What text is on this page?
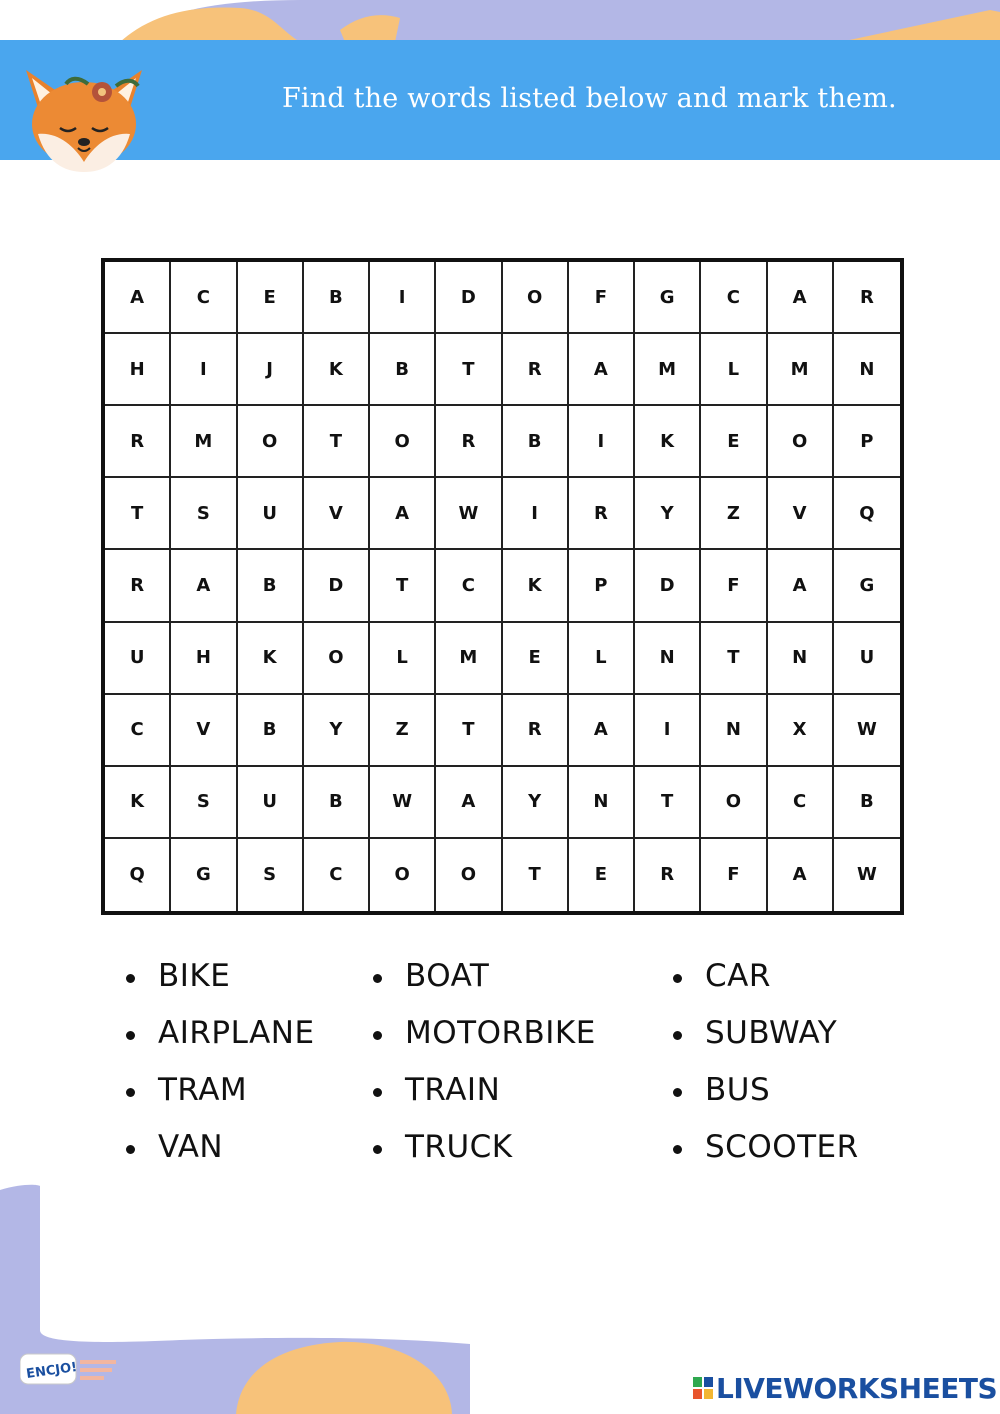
Find the words listed below and mark them.
A	C	E	B	I	D	O	F	G	C	A	R
H	I	J	K	B	T	R	A	M	L	M	N
R	M	O	T	O	R	B	I	K	E	O	P
T	S	U	V	A	W	I	R	Y	Z	V	Q
R	A	B	D	T	C	K	P	D	F	A	G
U	H	K	O	L	M	E	L	N	T	N	U
C	V	B	Y	Z	T	R	A	I	N	X	W
K	S	U	B	W	A	Y	N	T	O	C	B
Q	G	S	C	O	O	T	E	R	F	A	W
BIKE
AIRPLANE
TRAM
VAN
BOAT
MOTORBIKE
TRAIN
TRUCK
CAR
SUBWAY
BUS
SCOOTER
ENCJO!
LIVEWORKSHEETS
